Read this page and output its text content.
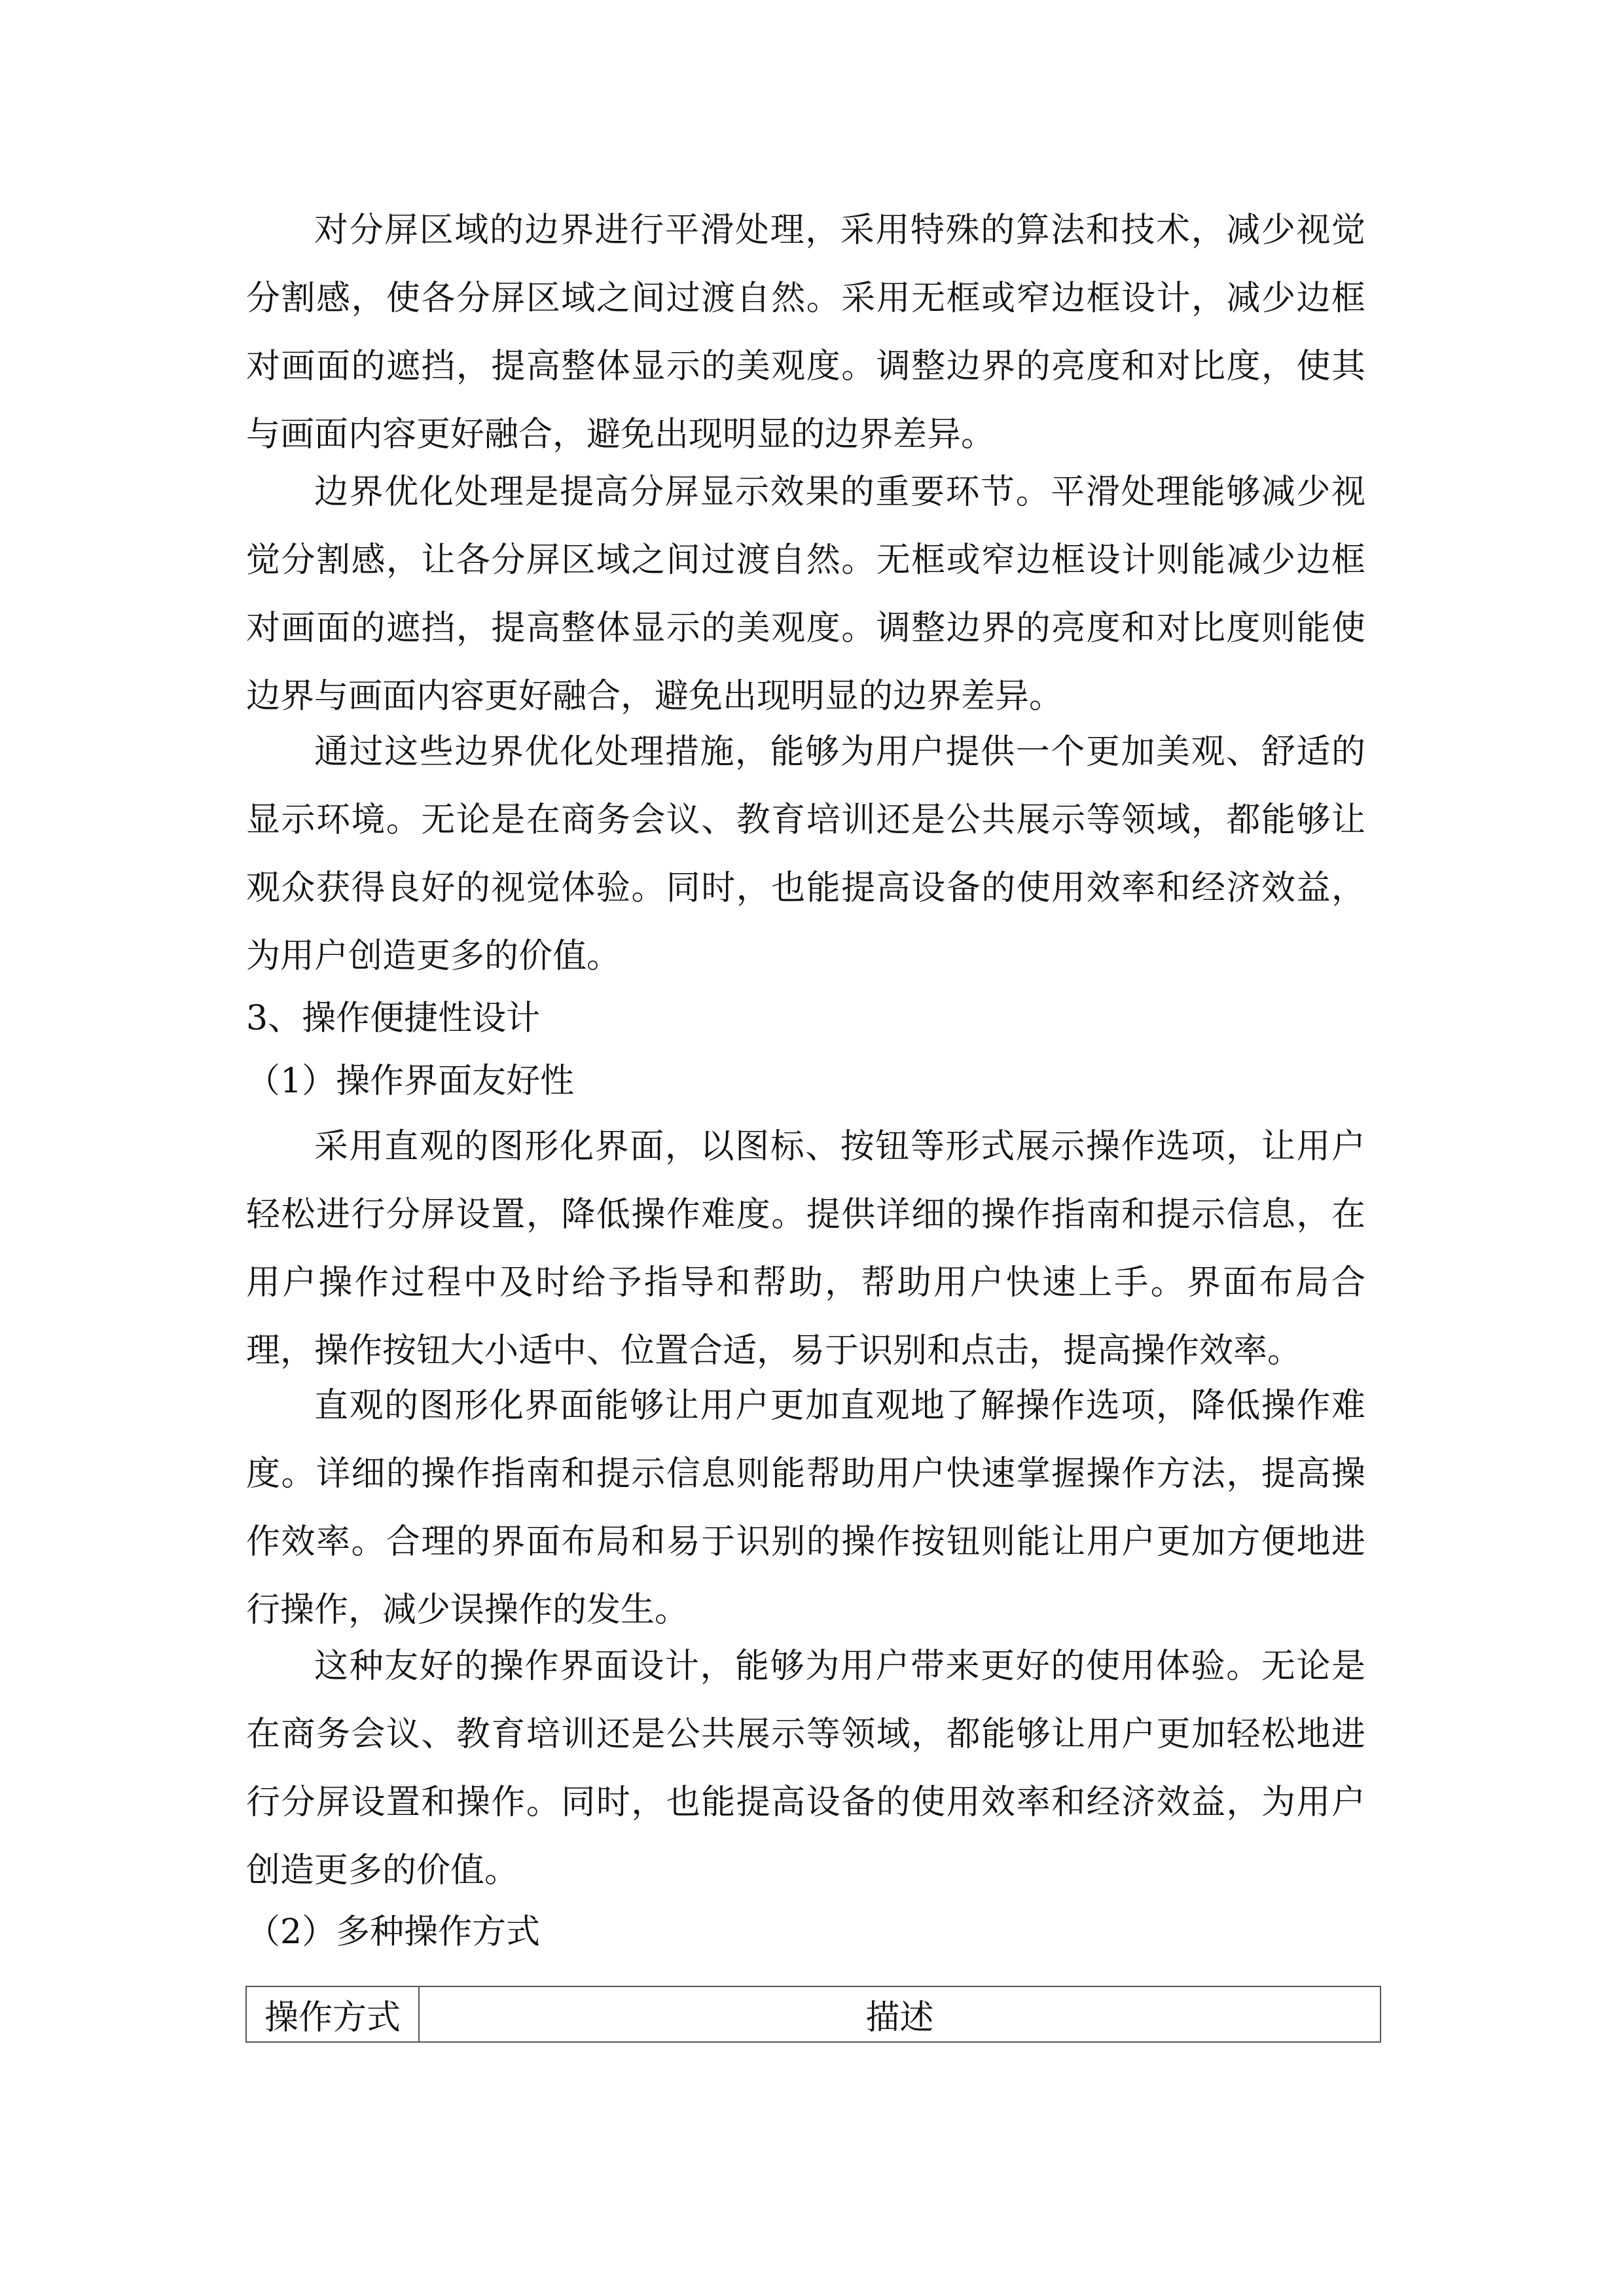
对分屏区域的边界进行平滑处理，采用特殊的算法和技术，减少视觉分割感，使各分屏区域之间过渡自然。采用无框或窄边框设计，减少边框对画面的遮挡，提高整体显示的美观度。调整边界的亮度和对比度，使其与画面内容更好融合，避免出现明显的边界差异。

边界优化处理是提高分屏显示效果的重要环节。平滑处理能够减少视觉分割感，让各分屏区域之间过渡自然。无框或窄边框设计则能减少边框对画面的遮挡，提高整体显示的美观度。调整边界的亮度和对比度则能使边界与画面内容更好融合，避免出现明显的边界差异。

通过这些边界优化处理措施，能够为用户提供一个更加美观、舒适的显示环境。无论是在商务会议、教育培训还是公共展示等领域，都能够让观众获得良好的视觉体验。同时，也能提高设备的使用效率和经济效益，为用户创造更多的价值。

3、操作便捷性设计

（1）操作界面友好性

采用直观的图形化界面，以图标、按钮等形式展示操作选项，让用户轻松进行分屏设置，降低操作难度。提供详细的操作指南和提示信息，在用户操作过程中及时给予指导和帮助，帮助用户快速上手。界面布局合理，操作按钮大小适中、位置合适，易于识别和点击，提高操作效率。

直观的图形化界面能够让用户更加直观地了解操作选项，降低操作难度。详细的操作指南和提示信息则能帮助用户快速掌握操作方法，提高操作效率。合理的界面布局和易于识别的操作按钮则能让用户更加方便地进行操作，减少误操作的发生。

这种友好的操作界面设计，能够为用户带来更好的使用体验。无论是在商务会议、教育培训还是公共展示等领域，都能够让用户更加轻松地进行分屏设置和操作。同时，也能提高设备的使用效率和经济效益，为用户创造更多的价值。

（2）多种操作方式

操作方式	描述
